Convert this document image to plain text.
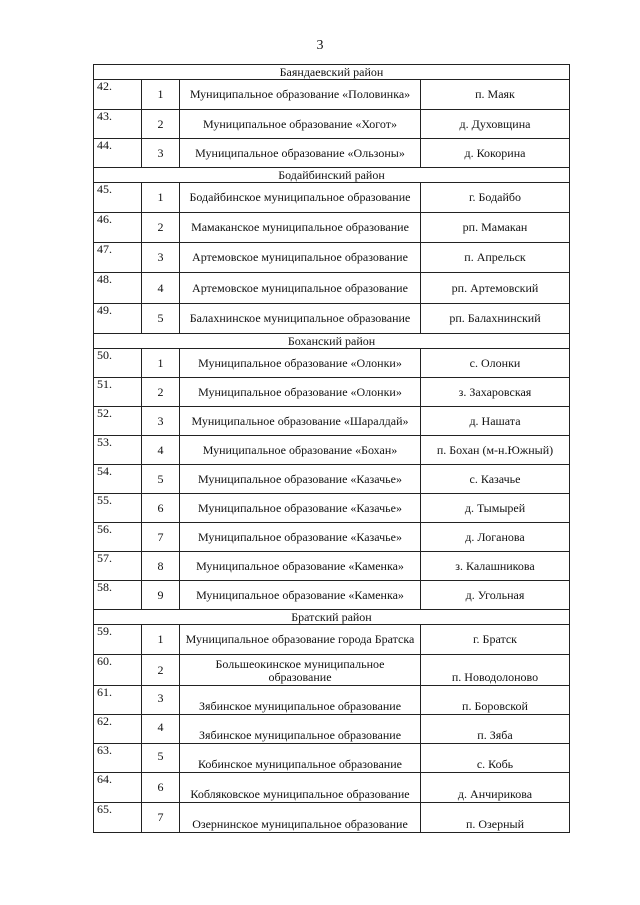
3
Баяндаевский район			
42.	1	Муниципальное образование «Половинка»	п. Маяк
43.	2	Муниципальное образование «Хогот»	д. Духовщина
44.	3	Муниципальное образование «Ользоны»	д. Кокорина
Бодайбинский район			
45.	1	Бодайбинское муниципальное образование	г. Бодайбо
46.	2	Мамаканское муниципальное образование	рп. Мамакан
47.	3	Артемовское муниципальное образование	п. Апрельск
48.	4	Артемовское муниципальное образование	рп. Артемовский
49.	5	Балахнинское муниципальное образование	рп. Балахнинский
Боханский район			
50.	1	Муниципальное образование «Олонки»	с. Олонки
51.	2	Муниципальное образование «Олонки»	з. Захаровская
52.	3	Муниципальное образование «Шаралдай»	д. Нашата
53.	4	Муниципальное образование «Бохан»	п. Бохан (м-н.Южный)
54.	5	Муниципальное образование «Казачье»	с. Казачье
55.	6	Муниципальное образование «Казачье»	д. Тымырей
56.	7	Муниципальное образование «Казачье»	д. Логанова
57.	8	Муниципальное образование «Каменка»	з. Калашникова
58.	9	Муниципальное образование «Каменка»	д. Угольная
Братский район			
59.	1	Муниципальное образование города Братска	г. Братск
60.	2	Большеокинское муниципальное образование	п. Новодолоново
61.	3	Зябинское муниципальное образование	п. Боровской
62.	4	Зябинское муниципальное образование	п. Зяба
63.	5	Кобинское муниципальное образование	с. Кобь
64.	6	Кобляковское муниципальное образование	д. Анчирикова
65.	7	Озернинское муниципальное образование	п. Озерный
